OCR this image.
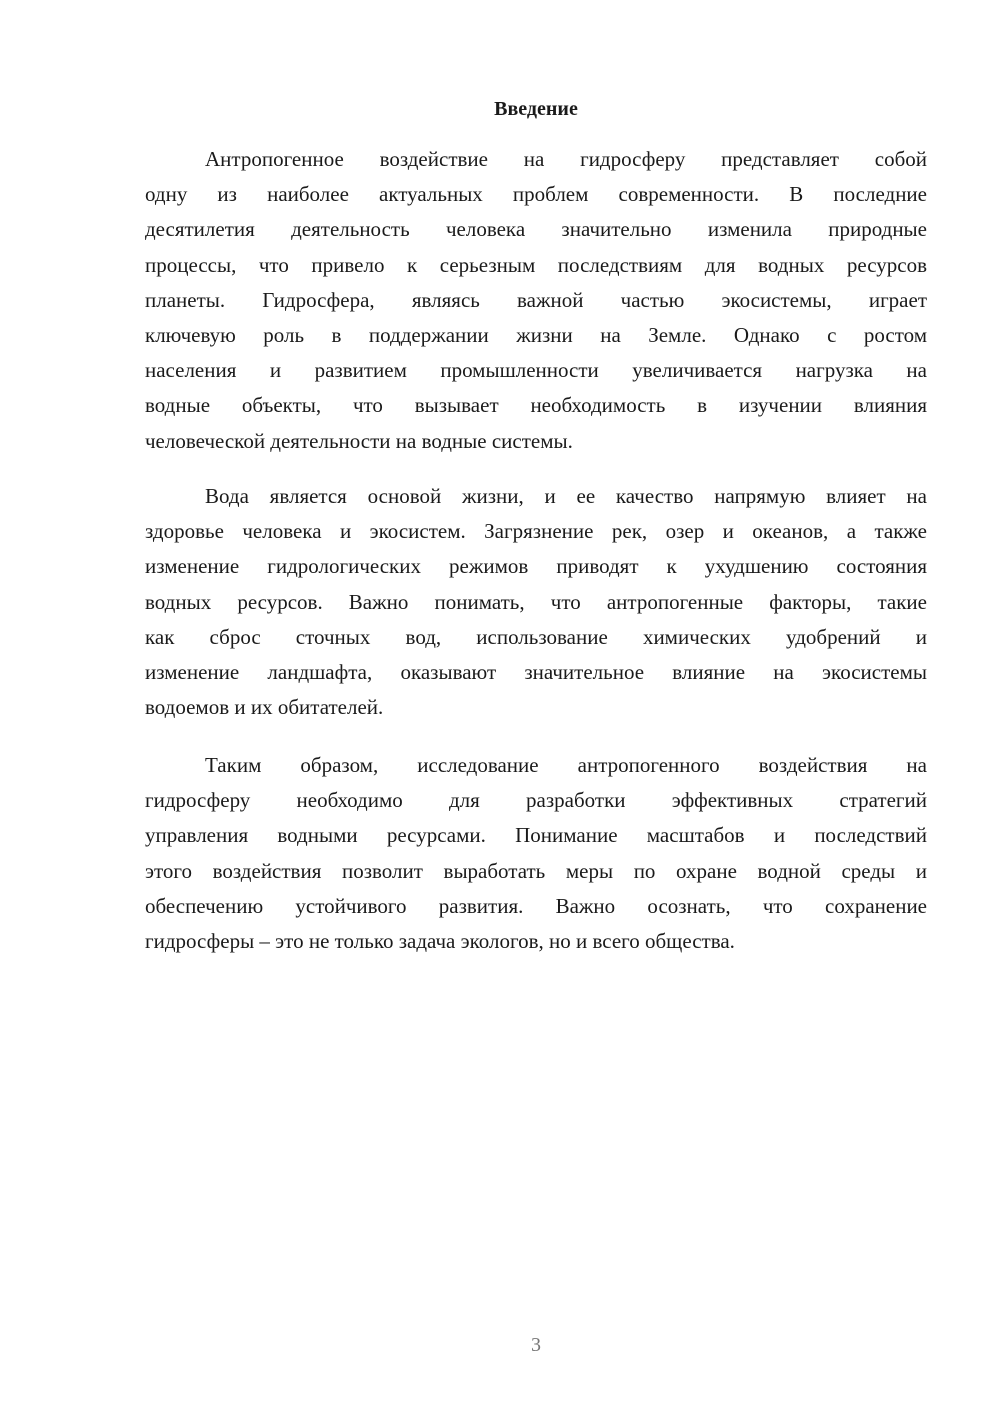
Введение
Антропогенное воздействие на гидросферу представляет собой
одну из наиболее актуальных проблем современности. В последние
десятилетия деятельность человека значительно изменила природные
процессы, что привело к серьезным последствиям для водных ресурсов
планеты. Гидросфера, являясь важной частью экосистемы, играет
ключевую роль в поддержании жизни на Земле. Однако с ростом
населения и развитием промышленности увеличивается нагрузка на
водные объекты, что вызывает необходимость в изучении влияния
человеческой деятельности на водные системы.
Вода является основой жизни, и ее качество напрямую влияет на
здоровье человека и экосистем. Загрязнение рек, озер и океанов, а также
изменение гидрологических режимов приводят к ухудшению состояния
водных ресурсов. Важно понимать, что антропогенные факторы, такие
как сброс сточных вод, использование химических удобрений и
изменение ландшафта, оказывают значительное влияние на экосистемы
водоемов и их обитателей.
Таким образом, исследование антропогенного воздействия на
гидросферу необходимо для разработки эффективных стратегий
управления водными ресурсами. Понимание масштабов и последствий
этого воздействия позволит выработать меры по охране водной среды и
обеспечению устойчивого развития. Важно осознать, что сохранение
гидросферы – это не только задача экологов, но и всего общества.
3
